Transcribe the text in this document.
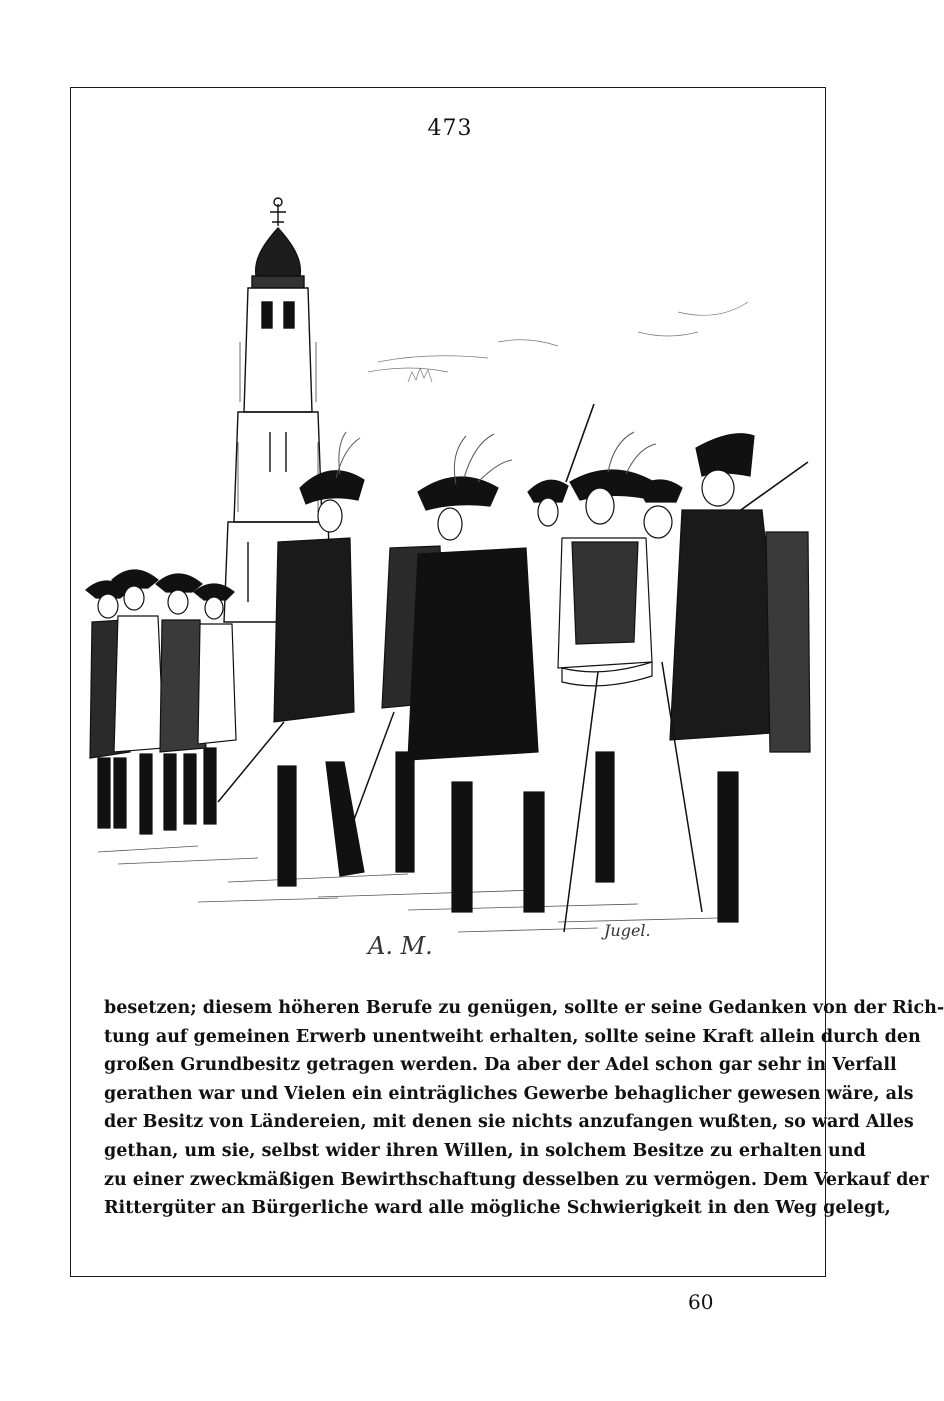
473
A. M.
Jugel.
besetzen; diesem höheren Berufe zu genügen, sollte er seine Gedanken von der Rich-
tung auf gemeinen Erwerb unentweiht erhalten, sollte seine Kraft allein durch den
großen Grundbesitz getragen werden. Da aber der Adel schon gar sehr in Verfall
gerathen war und Vielen ein einträgliches Gewerbe behaglicher gewesen wäre, als
der Besitz von Ländereien, mit denen sie nichts anzufangen wußten, so ward Alles
gethan, um sie, selbst wider ihren Willen, in solchem Besitze zu erhalten und
zu einer zweckmäßigen Bewirthschaftung desselben zu vermögen. Dem Verkauf der
Rittergüter an Bürgerliche ward alle mögliche Schwierigkeit in den Weg gelegt,
60
